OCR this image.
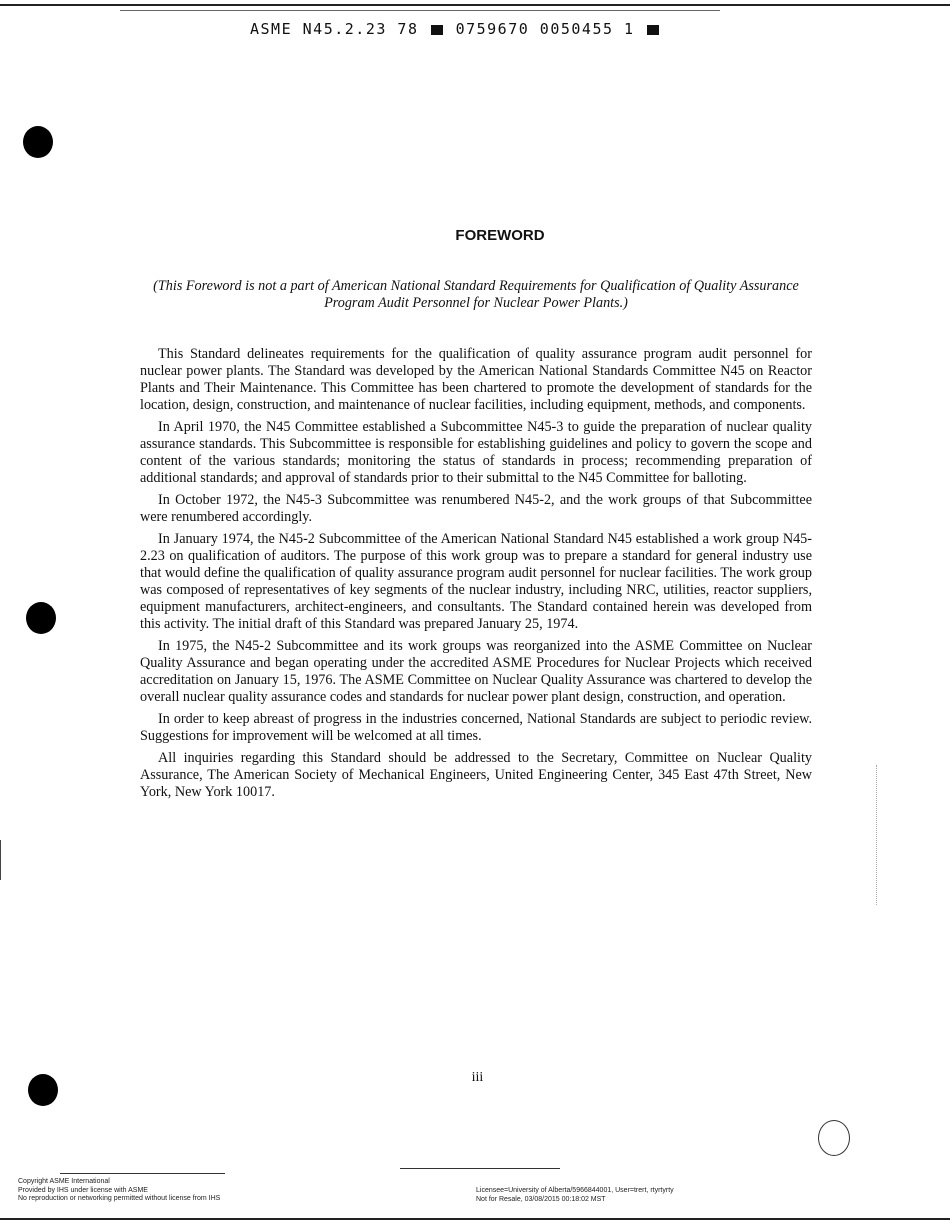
ASME N45.2.23 78 0759670 0050455 1
FOREWORD
(This Foreword is not a part of American National Standard Requirements for Qualification of Quality Assurance Program Audit Personnel for Nuclear Power Plants.)

This Standard delineates requirements for the qualification of quality assurance program audit personnel for nuclear power plants. The Standard was developed by the American National Standards Committee N45 on Reactor Plants and Their Maintenance. This Committee has been chartered to promote the development of standards for the location, design, construction, and maintenance of nuclear facilities, including equipment, methods, and components.

In April 1970, the N45 Committee established a Subcommittee N45-3 to guide the preparation of nuclear quality assurance standards. This Subcommittee is responsible for establishing guidelines and policy to govern the scope and content of the various standards; monitoring the status of standards in process; recommending preparation of additional standards; and approval of standards prior to their submittal to the N45 Committee for balloting.

In October 1972, the N45-3 Subcommittee was renumbered N45-2, and the work groups of that Subcommittee were renumbered accordingly.

In January 1974, the N45-2 Subcommittee of the American National Standard N45 established a work group N45-2.23 on qualification of auditors. The purpose of this work group was to prepare a standard for general industry use that would define the qualification of quality assurance program audit personnel for nuclear facilities. The work group was composed of representatives of key segments of the nuclear industry, including NRC, utilities, reactor suppliers, equipment manufacturers, architect-engineers, and consultants. The Standard contained herein was developed from this activity. The initial draft of this Standard was prepared January 25, 1974.

In 1975, the N45-2 Subcommittee and its work groups was reorganized into the ASME Committee on Nuclear Quality Assurance and began operating under the accredited ASME Procedures for Nuclear Projects which received accreditation on January 15, 1976. The ASME Committee on Nuclear Quality Assurance was chartered to develop the overall nuclear quality assurance codes and standards for nuclear power plant design, construction, and operation.

In order to keep abreast of progress in the industries concerned, National Standards are subject to periodic review. Suggestions for improvement will be welcomed at all times.

All inquiries regarding this Standard should be addressed to the Secretary, Committee on Nuclear Quality Assurance, The American Society of Mechanical Engineers, United Engineering Center, 345 East 47th Street, New York, New York 10017.

iii
Copyright ASME International
Provided by IHS under license with ASME
No reproduction or networking permitted without license from IHS
Licensee=University of Alberta/5966844001, User=trert, rtyrtyrty
Not for Resale, 03/08/2015 00:18:02 MST
